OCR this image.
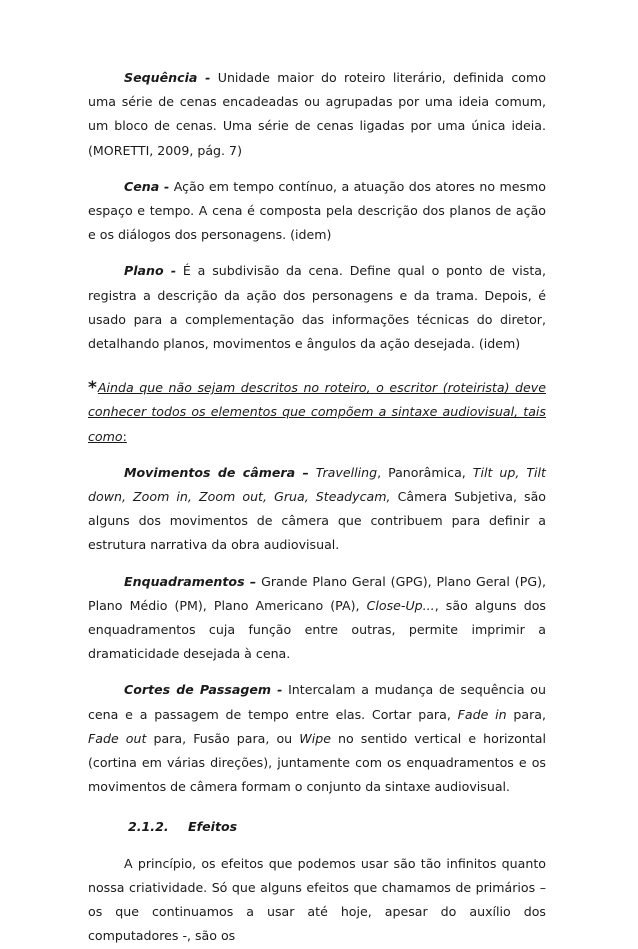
Sequência - Unidade maior do roteiro literário, definida como uma série de cenas encadeadas ou agrupadas por uma ideia comum, um bloco de cenas. Uma série de cenas ligadas por uma única ideia. (MORETTI, 2009, pág. 7)

Cena - Ação em tempo contínuo, a atuação dos atores no mesmo espaço e tempo. A cena é composta pela descrição dos planos de ação e os diálogos dos personagens. (idem)

Plano - É a subdivisão da cena. Define qual o ponto de vista, registra a descrição da ação dos personagens e da trama. Depois, é usado para a complementação das informações técnicas do diretor, detalhando planos, movimentos e ângulos da ação desejada. (idem)

*Ainda que não sejam descritos no roteiro, o escritor (roteirista) deve conhecer todos os elementos que compõem a sintaxe audiovisual, tais como:

Movimentos de câmera – Travelling, Panorâmica, Tilt up, Tilt down, Zoom in, Zoom out, Grua, Steadycam, Câmera Subjetiva, são alguns dos movimentos de câmera que contribuem para definir a estrutura narrativa da obra audiovisual.

Enquadramentos – Grande Plano Geral (GPG), Plano Geral (PG), Plano Médio (PM), Plano Americano (PA), Close-Up..., são alguns dos enquadramentos cuja função entre outras, permite imprimir a dramaticidade desejada à cena.

Cortes de Passagem - Intercalam a mudança de sequência ou cena e a passagem de tempo entre elas. Cortar para, Fade in para, Fade out para, Fusão para, ou Wipe no sentido vertical e horizontal (cortina em várias direções), juntamente com os enquadramentos e os movimentos de câmera formam o conjunto da sintaxe audiovisual.

2.1.2. Efeitos

A princípio, os efeitos que podemos usar são tão infinitos quanto nossa criatividade. Só que alguns efeitos que chamamos de primários – os que continuamos a usar até hoje, apesar do auxílio dos computadores -, são os
